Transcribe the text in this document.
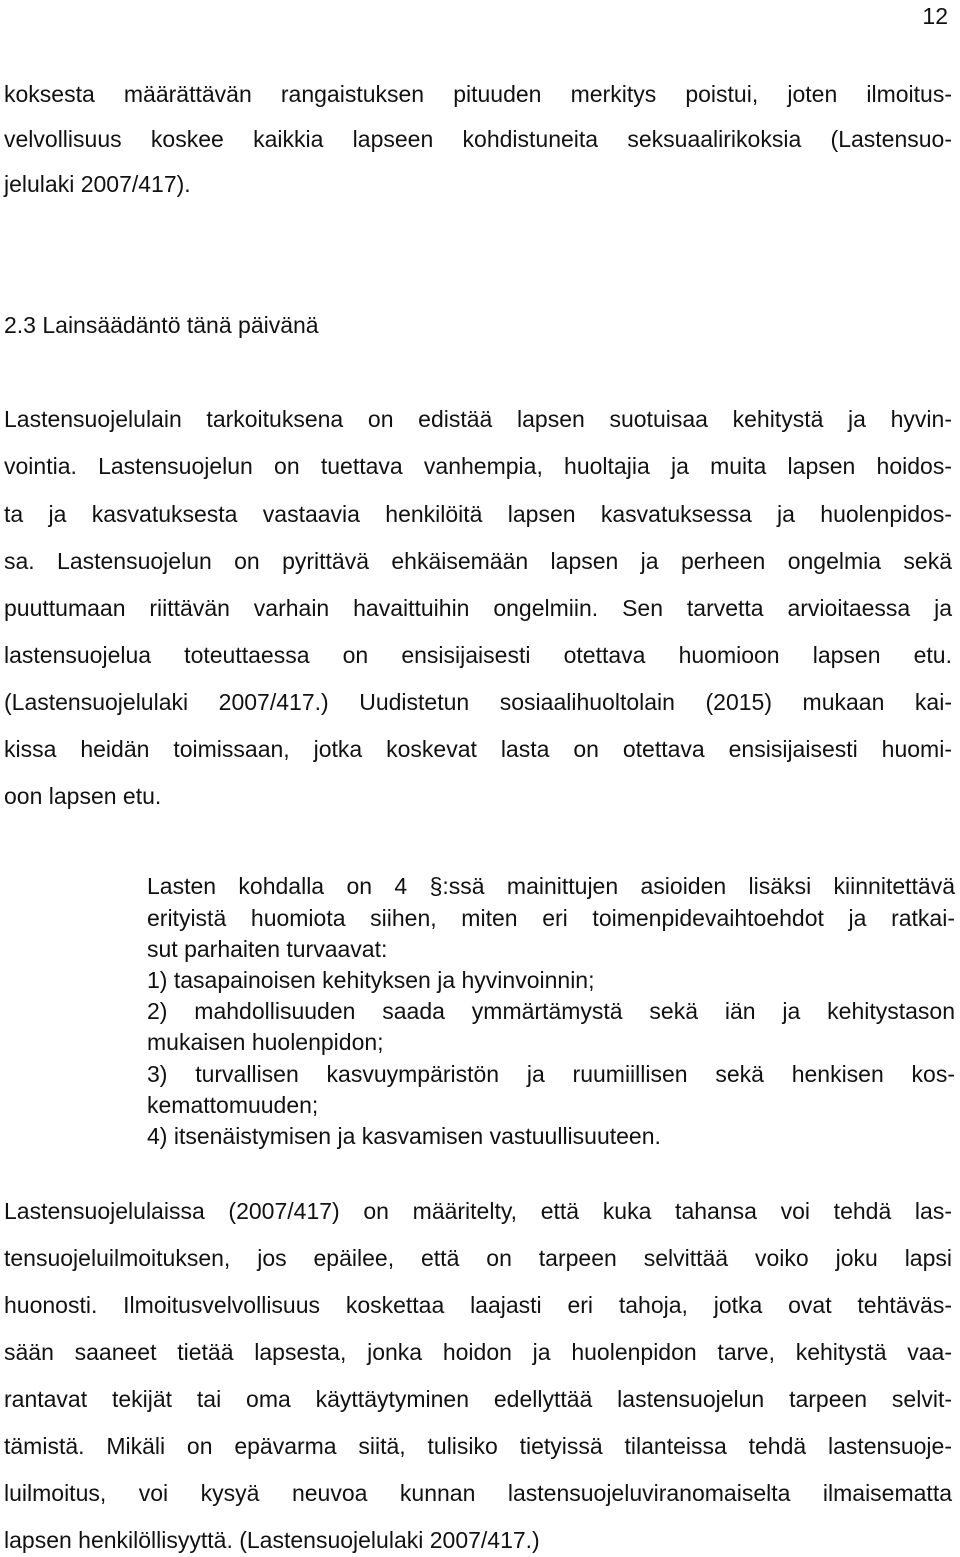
12
koksesta määrättävän rangaistuksen pituuden merkitys poistui, joten ilmoitus-
velvollisuus koskee kaikkia lapseen kohdistuneita seksuaalirikoksia (Lastensuo-
jelulaki 2007/417).
2.3 Lainsäädäntö tänä päivänä
Lastensuojelulain tarkoituksena on edistää lapsen suotuisaa kehitystä ja hyvin-
vointia. Lastensuojelun on tuettava vanhempia, huoltajia ja muita lapsen hoidos-
ta ja kasvatuksesta vastaavia henkilöitä lapsen kasvatuksessa ja huolenpidos-
sa. Lastensuojelun on pyrittävä ehkäisemään lapsen ja perheen ongelmia sekä
puuttumaan riittävän varhain havaittuihin ongelmiin. Sen tarvetta arvioitaessa ja
lastensuojelua toteuttaessa on ensisijaisesti otettava huomioon lapsen etu.
(Lastensuojelulaki 2007/417.) Uudistetun sosiaalihuoltolain (2015) mukaan kai-
kissa heidän toimissaan, jotka koskevat lasta on otettava ensisijaisesti huomi-
oon lapsen etu.
Lasten kohdalla on 4 §:ssä mainittujen asioiden lisäksi kiinnitettävä
erityistä huomiota siihen, miten eri toimenpidevaihtoehdot ja ratkai-
sut parhaiten turvaavat:
1) tasapainoisen kehityksen ja hyvinvoinnin;
2) mahdollisuuden saada ymmärtämystä sekä iän ja kehitystason
mukaisen huolenpidon;
3) turvallisen kasvuympäristön ja ruumiillisen sekä henkisen kos-
kemattomuuden;
4) itsenäistymisen ja kasvamisen vastuullisuuteen.
Lastensuojelulaissa (2007/417) on määritelty, että kuka tahansa voi tehdä las-
tensuojeluilmoituksen, jos epäilee, että on tarpeen selvittää voiko joku lapsi
huonosti. Ilmoitusvelvollisuus koskettaa laajasti eri tahoja, jotka ovat tehtäväs-
sään saaneet tietää lapsesta, jonka hoidon ja huolenpidon tarve, kehitystä vaa-
rantavat tekijät tai oma käyttäytyminen edellyttää lastensuojelun tarpeen selvit-
tämistä. Mikäli on epävarma siitä, tulisiko tietyissä tilanteissa tehdä lastensuoje-
luilmoitus, voi kysyä neuvoa kunnan lastensuojeluviranomaiselta ilmaisematta
lapsen henkilöllisyyttä. (Lastensuojelulaki 2007/417.)
